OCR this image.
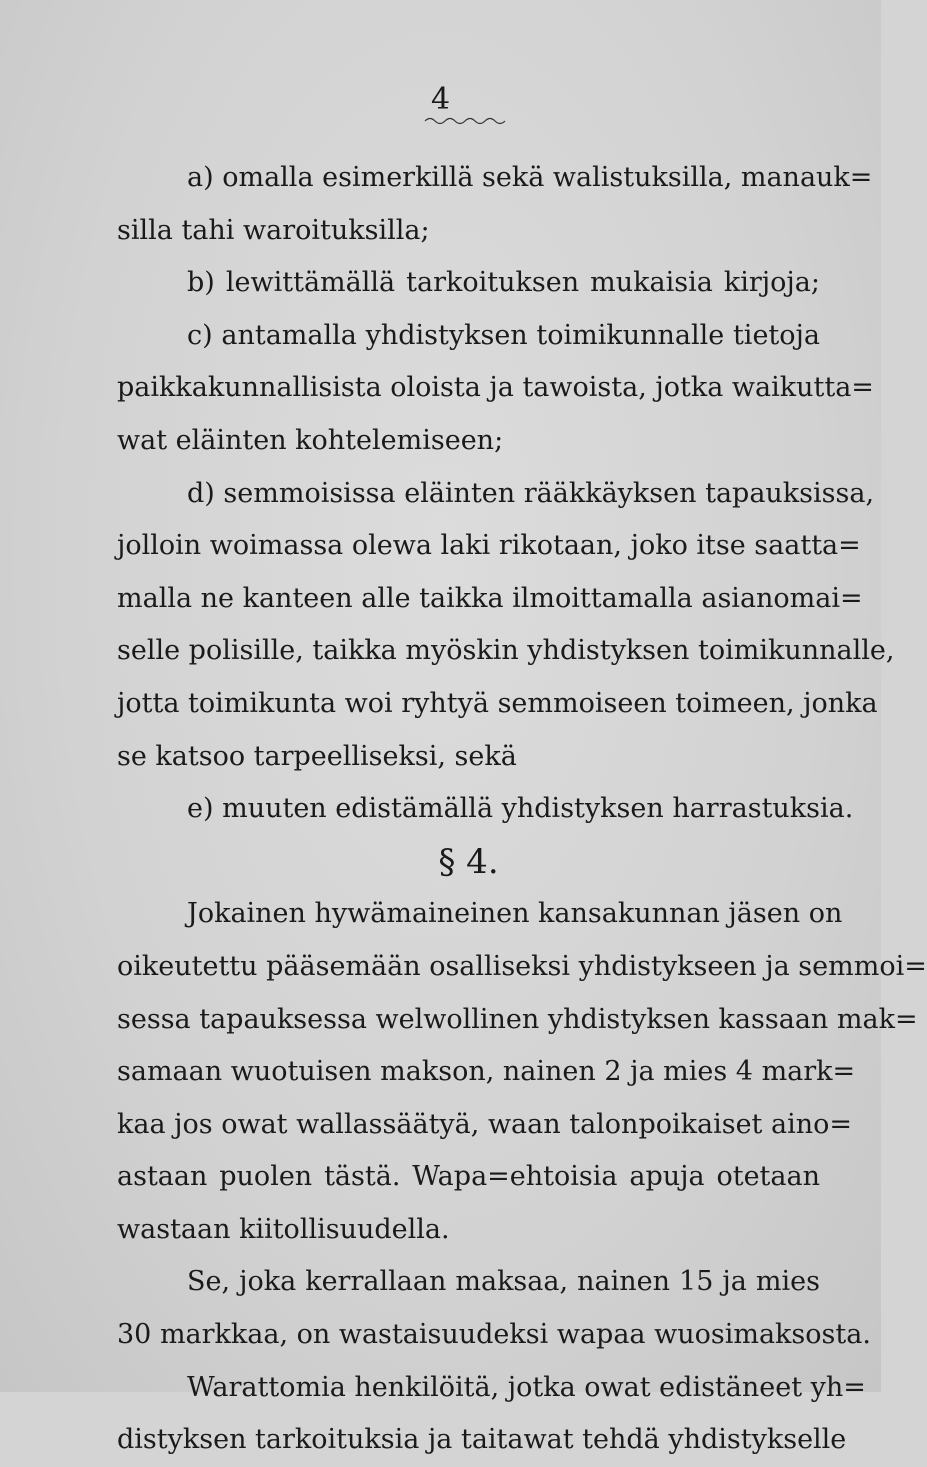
4
a) omalla esimerkillä sekä walistuksilla, manauk=
silla tahi waroituksilla;
b) lewittämällä tarkoituksen mukaisia kirjoja;
c) antamalla yhdistyksen toimikunnalle tietoja
paikkakunnallisista oloista ja tawoista, jotka waikutta=
wat eläinten kohtelemiseen;
d) semmoisissa eläinten rääkkäyksen tapauksissa,
jolloin woimassa olewa laki rikotaan, joko itse saatta=
malla ne kanteen alle taikka ilmoittamalla asianomai=
selle polisille, taikka myöskin yhdistyksen toimikunnalle,
jotta toimikunta woi ryhtyä semmoiseen toimeen, jonka
se katsoo tarpeelliseksi, sekä
e) muuten edistämällä yhdistyksen harrastuksia.
§ 4.
Jokainen hywämaineinen kansakunnan jäsen on
oikeutettu pääsemään osalliseksi yhdistykseen ja semmoi=
sessa tapauksessa welwollinen yhdistyksen kassaan mak=
samaan wuotuisen makson, nainen 2 ja mies 4 mark=
kaa jos owat wallassäätyä, waan talonpoikaiset aino=
astaan puolen tästä. Wapa=ehtoisia apuja otetaan
wastaan kiitollisuudella.
Se, joka kerrallaan maksaa, nainen 15 ja mies
30 markkaa, on wastaisuudeksi wapaa wuosimaksosta.
Warattomia henkilöitä, jotka owat edistäneet yh=
distyksen tarkoituksia ja taitawat tehdä yhdistykselle
